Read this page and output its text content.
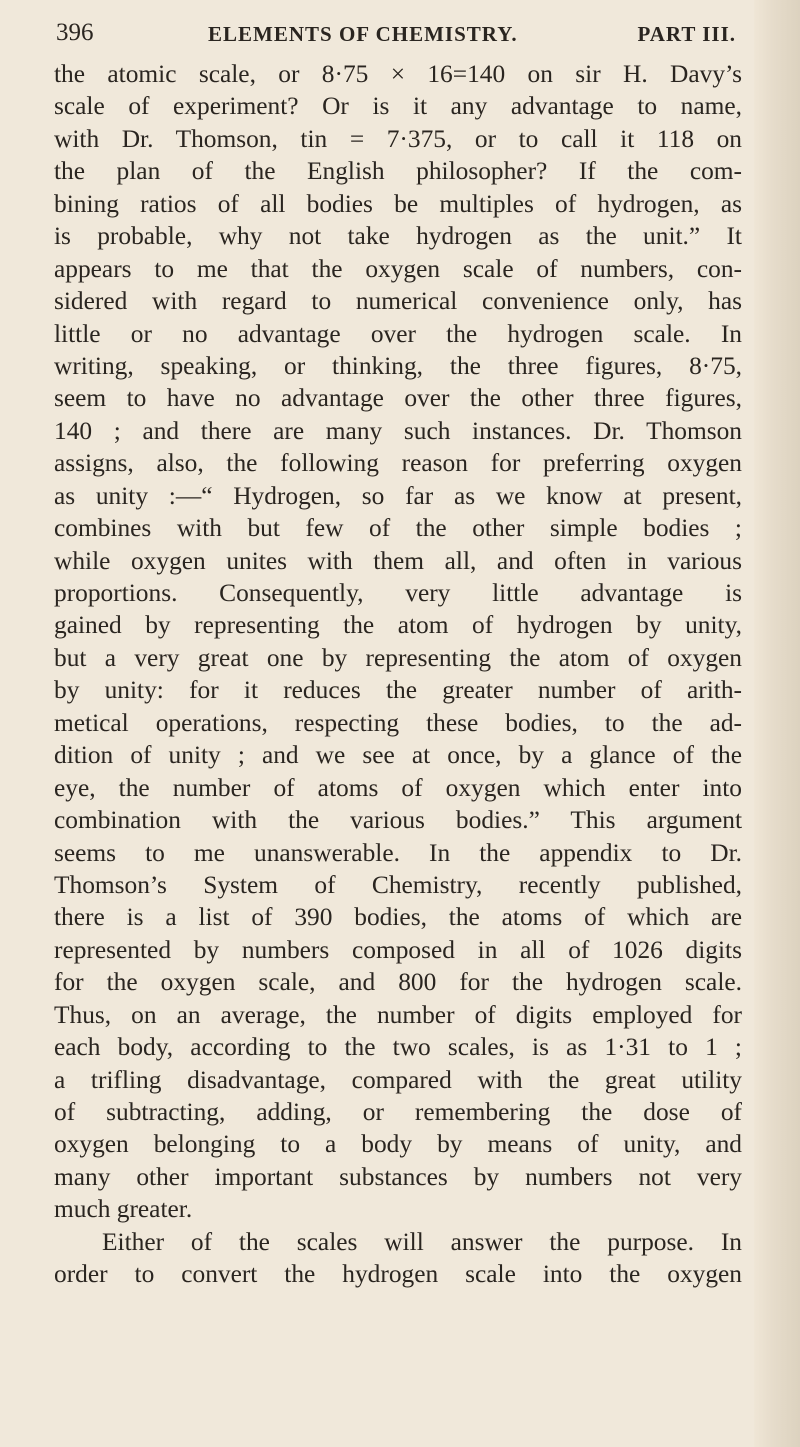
396	ELEMENTS OF CHEMISTRY.	PART III.
the atomic scale, or 8·75 × 16=140 on sir H. Davy’s
scale of experiment? Or is it any advantage to name,
with Dr. Thomson, tin = 7·375, or to call it 118 on
the plan of the English philosopher? If the com-
bining ratios of all bodies be multiples of hydrogen, as
is probable, why not take hydrogen as the unit.” It
appears to me that the oxygen scale of numbers, con-
sidered with regard to numerical convenience only, has
little or no advantage over the hydrogen scale. In
writing, speaking, or thinking, the three figures, 8·75,
seem to have no advantage over the other three figures,
140 ; and there are many such instances. Dr. Thomson
assigns, also, the following reason for preferring oxygen
as unity :—“ Hydrogen, so far as we know at present,
combines with but few of the other simple bodies ;
while oxygen unites with them all, and often in various
proportions. Consequently, very little advantage is
gained by representing the atom of hydrogen by unity,
but a very great one by representing the atom of oxygen
by unity: for it reduces the greater number of arith-
metical operations, respecting these bodies, to the ad-
dition of unity ; and we see at once, by a glance of the
eye, the number of atoms of oxygen which enter into
combination with the various bodies.” This argument
seems to me unanswerable. In the appendix to Dr.
Thomson’s System of Chemistry, recently published,
there is a list of 390 bodies, the atoms of which are
represented by numbers composed in all of 1026 digits
for the oxygen scale, and 800 for the hydrogen scale.
Thus, on an average, the number of digits employed for
each body, according to the two scales, is as 1·31 to 1 ;
a trifling disadvantage, compared with the great utility
of subtracting, adding, or remembering the dose of
oxygen belonging to a body by means of unity, and
many other important substances by numbers not very
much greater.
Either of the scales will answer the purpose. In
order to convert the hydrogen scale into the oxygen
